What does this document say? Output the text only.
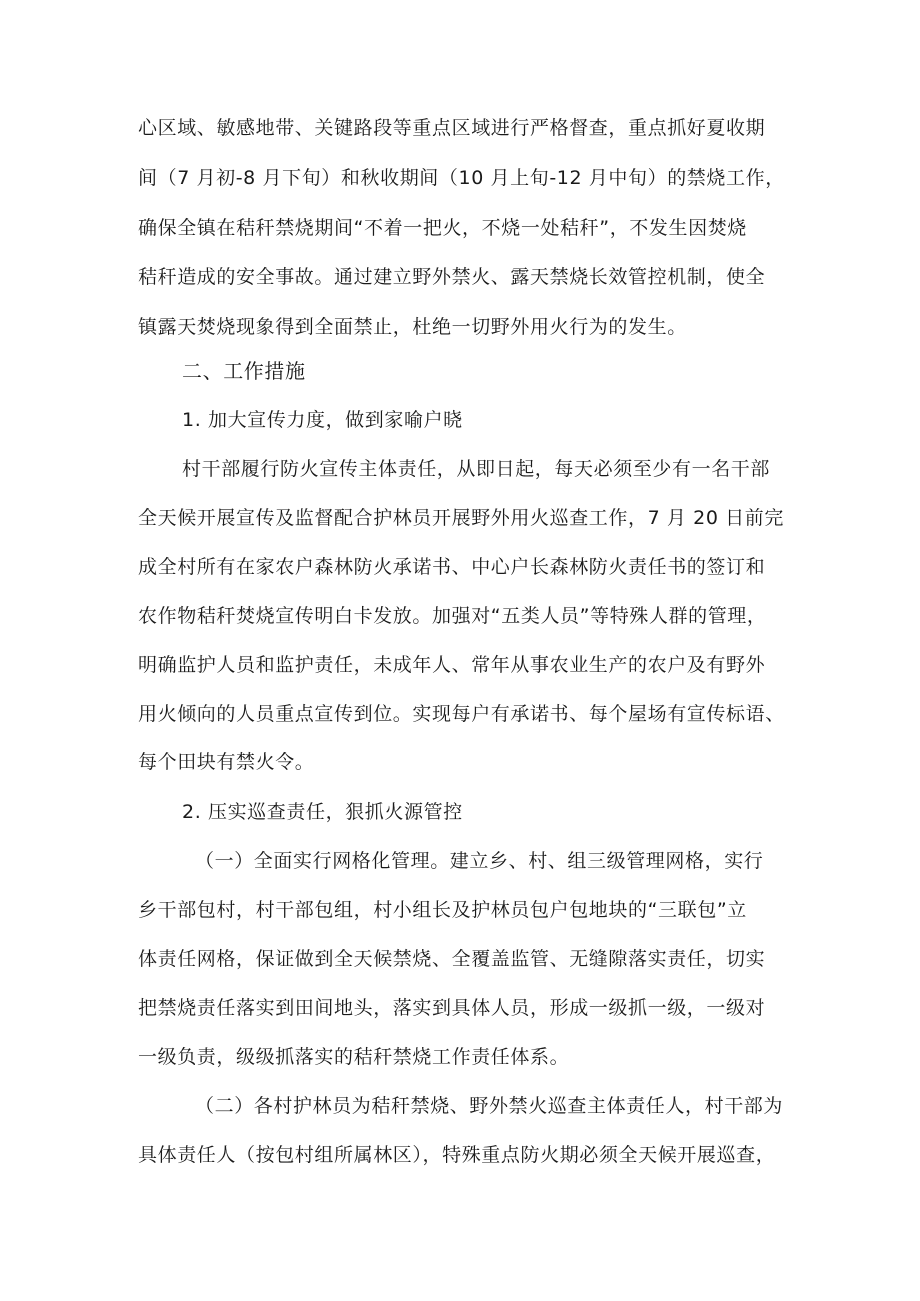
心区域、敏感地带、关键路段等重点区域进行严格督查，重点抓好夏收期
间（7 月初-8 月下旬）和秋收期间（10 月上旬-12 月中旬）的禁烧工作，
确保全镇在秸秆禁烧期间“不着一把火，不烧一处秸秆”，不发生因焚烧
秸秆造成的安全事故。通过建立野外禁火、露天禁烧长效管控机制，使全
镇露天焚烧现象得到全面禁止，杜绝一切野外用火行为的发生。
二、工作措施
1. 加大宣传力度，做到家喻户晓
村干部履行防火宣传主体责任，从即日起，每天必须至少有一名干部
全天候开展宣传及监督配合护林员开展野外用火巡查工作，7 月 20 日前完
成全村所有在家农户森林防火承诺书、中心户长森林防火责任书的签订和
农作物秸秆焚烧宣传明白卡发放。加强对“五类人员”等特殊人群的管理，
明确监护人员和监护责任，未成年人、常年从事农业生产的农户及有野外
用火倾向的人员重点宣传到位。实现每户有承诺书、每个屋场有宣传标语、
每个田块有禁火令。
2. 压实巡查责任，狠抓火源管控
（一）全面实行网格化管理。建立乡、村、组三级管理网格，实行
乡干部包村，村干部包组，村小组长及护林员包户包地块的“三联包”立
体责任网格，保证做到全天候禁烧、全覆盖监管、无缝隙落实责任，切实
把禁烧责任落实到田间地头，落实到具体人员，形成一级抓一级，一级对
一级负责，级级抓落实的秸秆禁烧工作责任体系。
（二）各村护林员为秸秆禁烧、野外禁火巡查主体责任人，村干部为
具体责任人（按包村组所属林区），特殊重点防火期必须全天候开展巡查，
